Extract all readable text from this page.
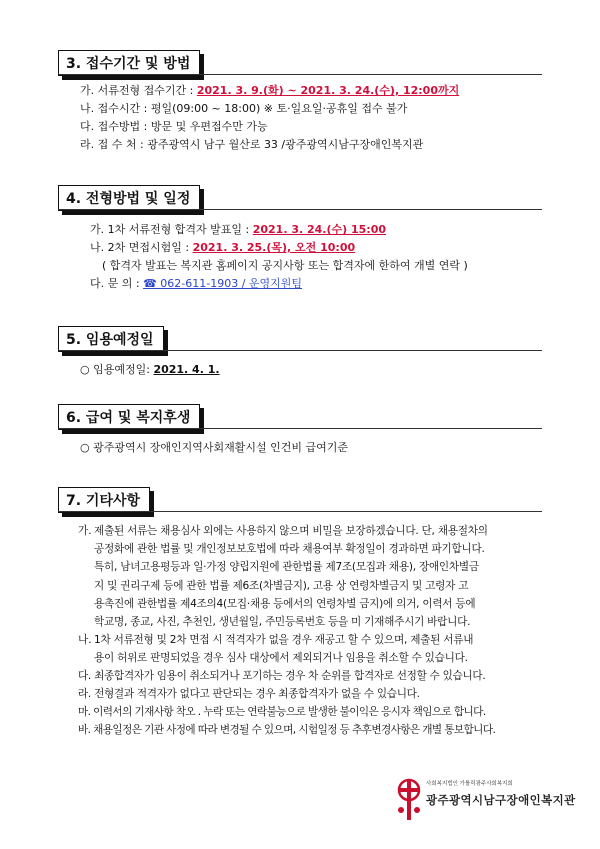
3. 접수기간 및 방법
가. 서류전형 접수기간 : 2021. 3. 9.(화) ~ 2021. 3. 24.(수), 12:00까지
나. 접수시간 : 평일(09:00 ~ 18:00) ※ 토·일요일·공휴일 접수 불가
다. 접수방법 : 방문 및 우편접수만 가능
라. 접 수 처 : 광주광역시 남구 월산로 33 /광주광역시남구장애인복지관
4. 전형방법 및 일정
가. 1차 서류전형 합격자 발표일 : 2021. 3. 24.(수) 15:00
나. 2차 면접시험일 : 2021. 3. 25.(목), 오전 10:00
( 합격자 발표는 복지관 홈페이지 공지사항 또는 합격자에 한하여 개별 연락 )
다. 문 의 : ☎ 062-611-1903 / 운영지원팀
5. 임용예정일
○ 임용예정일: 2021. 4. 1.
6. 급여 및 복지후생
○ 광주광역시 장애인지역사회재활시설 인건비 급여기준
7. 기타사항
가. 제출된 서류는 채용심사 외에는 사용하지 않으며 비밀을 보장하겠습니다. 단, 채용절차의
공정화에 관한 법률 및 개인정보보호법에 따라 채용여부 확정일이 경과하면 파기합니다.
특히, 남녀고용평등과 일·가정 양립지원에 관한법률 제7조(모집과 채용), 장애인차별금
지 및 권리구제 등에 관한 법률 제6조(차별금지), 고용 상 연령차별금지 및 고령자 고
용촉진에 관한법률 제4조의4(모집·채용 등에서의 연령차별 금지)에 의거, 이력서 등에
학교명, 종교, 사진, 추천인, 생년월일, 주민등록번호 등을 미 기재해주시기 바랍니다.
나. 1차 서류전형 및 2차 면접 시 적격자가 없을 경우 재공고 할 수 있으며, 제출된 서류내
용이 허위로 판명되었을 경우 심사 대상에서 제외되거나 임용을 취소할 수 있습니다.
다. 최종합격자가 임용이 취소되거나 포기하는 경우 차 순위를 합격자로 선정할 수 있습니다.
라. 전형결과 적격자가 없다고 판단되는 경우 최종합격자가 없을 수 있습니다.
마. 이력서의 기재사항 착오 . 누락 또는 연락불능으로 발생한 불이익은 응시자 책임으로 합니다.
바. 채용일정은 기관 사정에 따라 변경될 수 있으며, 시험일정 등 추후변경사항은 개별 통보합니다.
사회복지법인 가톨릭광주사회복지회
광주광역시남구장애인복지관
